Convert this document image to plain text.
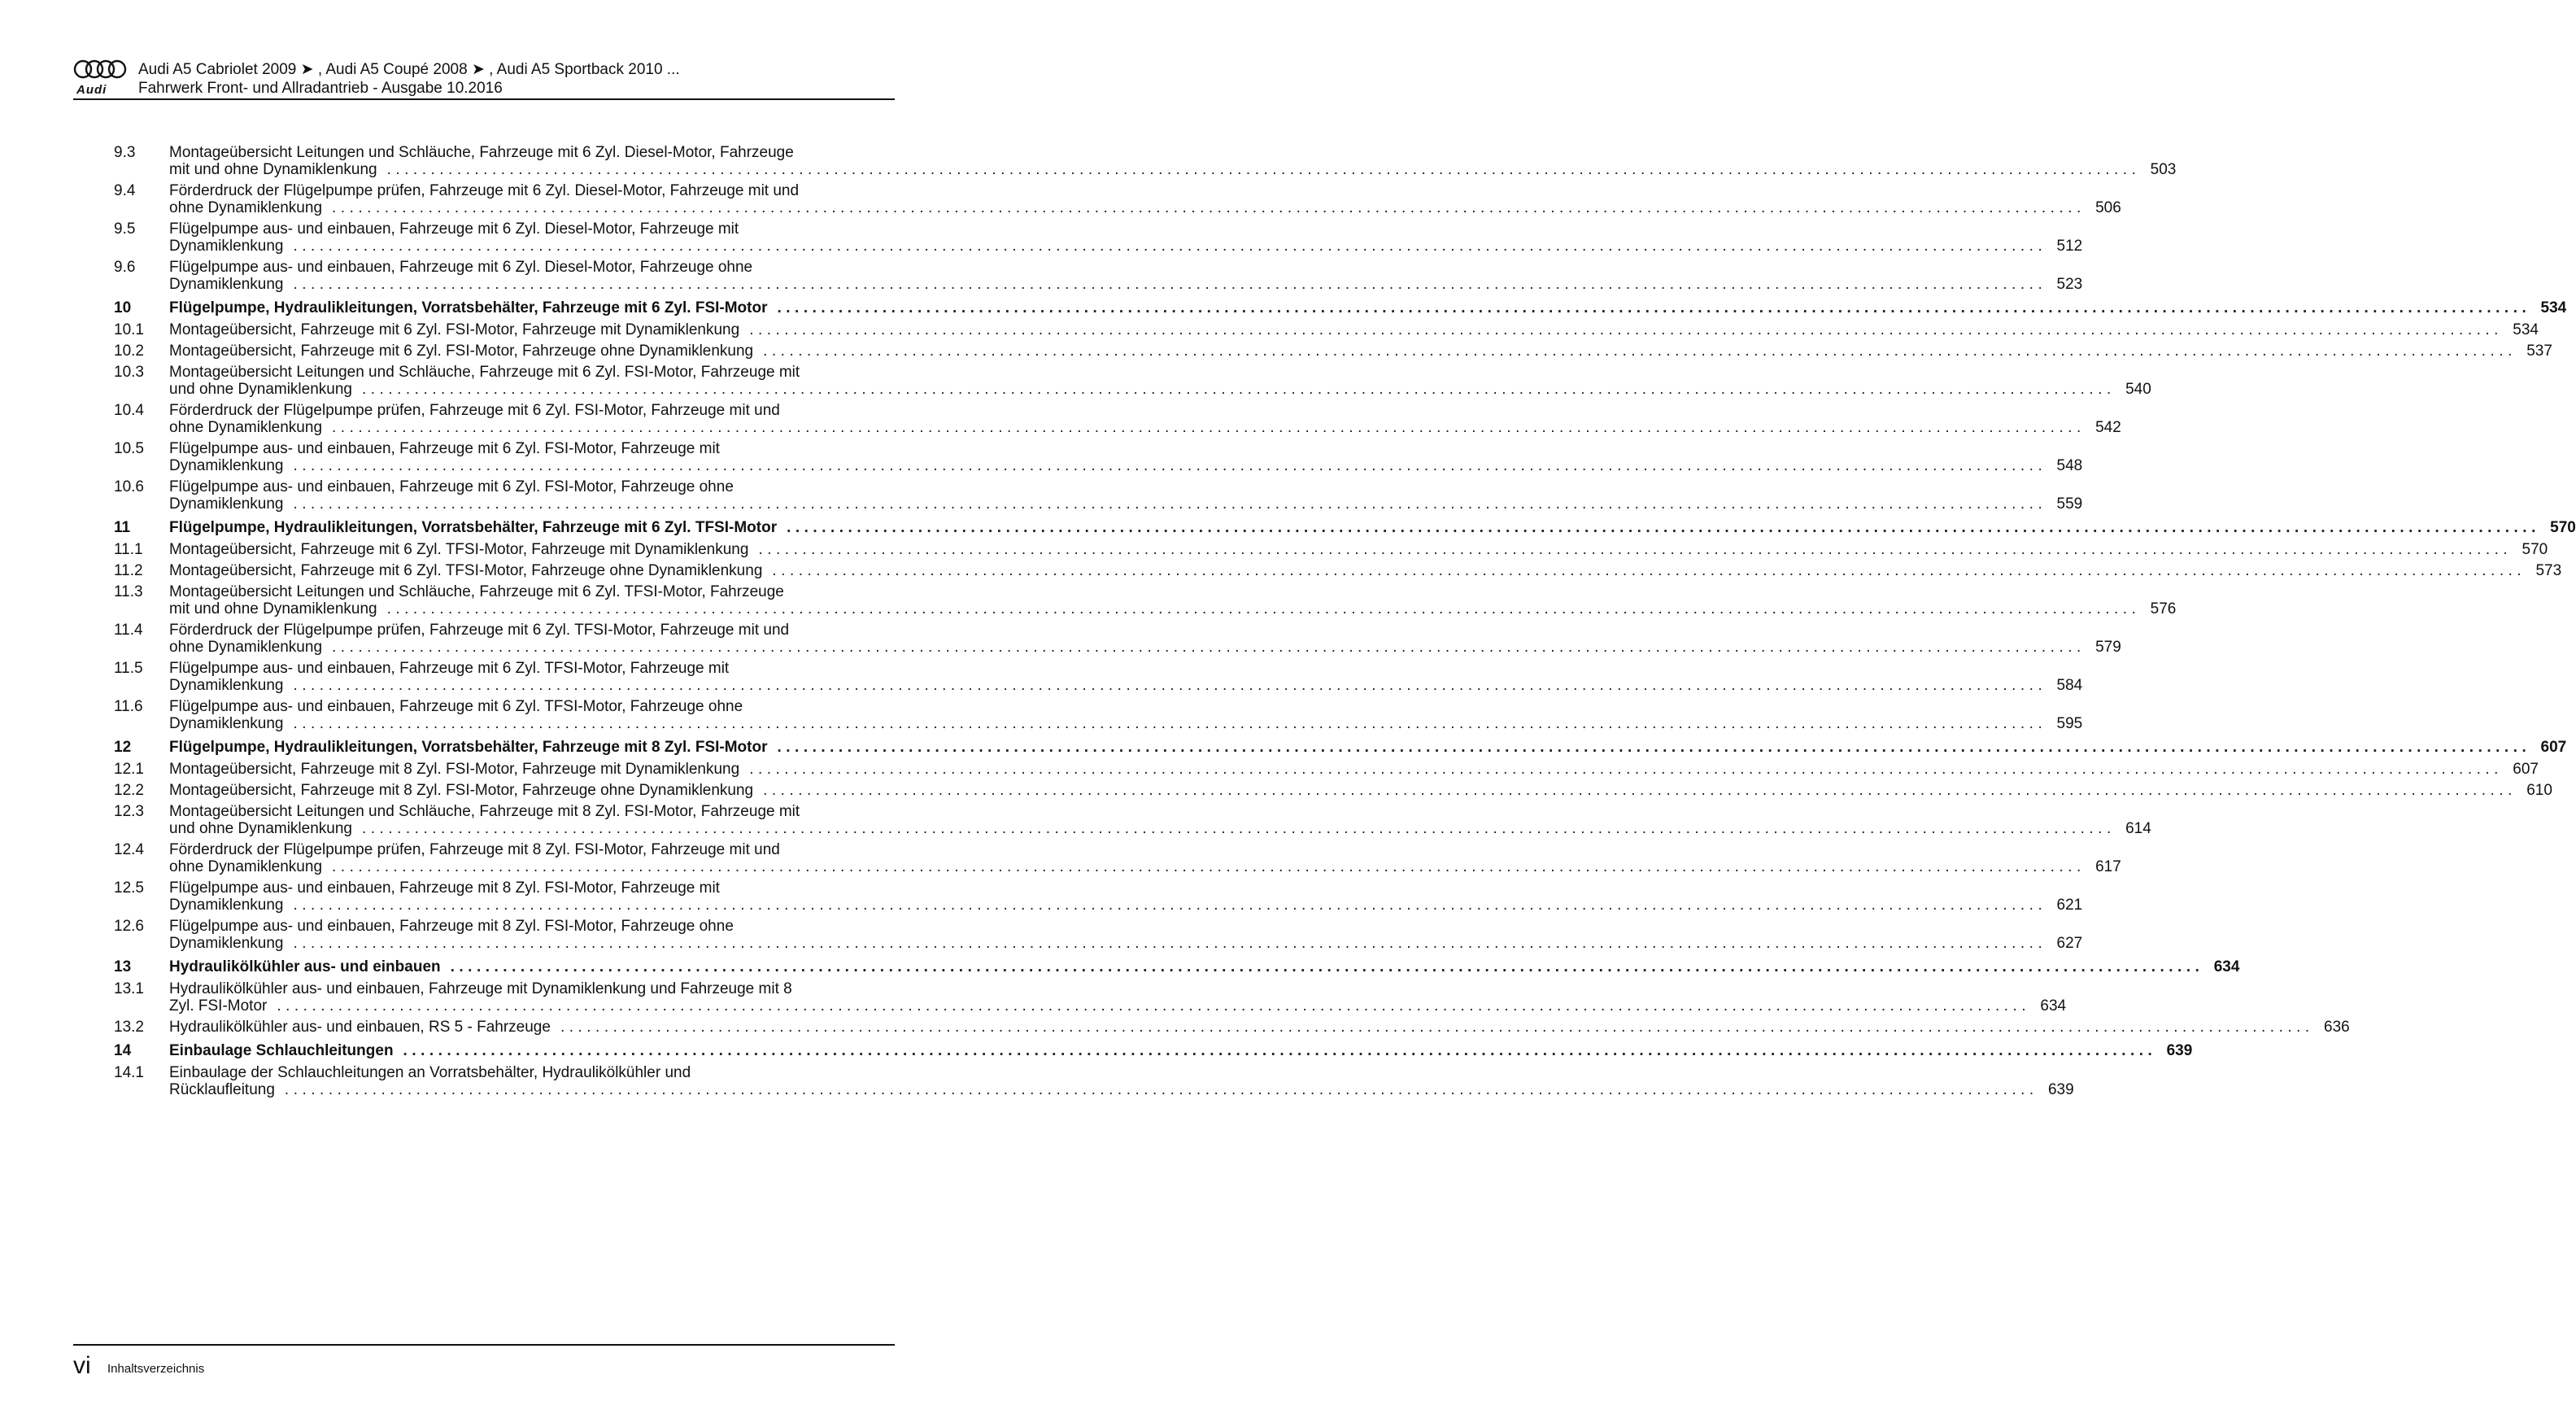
Audi
Audi A5 Cabriolet 2009 ➤ , Audi A5 Coupé 2008 ➤ , Audi A5 Sportback 2010 ...
Fahrwerk Front- und Allradantrieb - Ausgabe 10.2016
9.3 Montageübersicht Leitungen und Schläuche, Fahrzeuge mit 6 Zyl. Diesel-Motor, Fahrzeuge
mit und ohne Dynamiklenkung ........................................................................................................................................................................................................ 503
9.4 Förderdruck der Flügelpumpe prüfen, Fahrzeuge mit 6 Zyl. Diesel-Motor, Fahrzeuge mit und
ohne Dynamiklenkung ........................................................................................................................................................................................................ 506
9.5 Flügelpumpe aus- und einbauen, Fahrzeuge mit 6 Zyl. Diesel-Motor, Fahrzeuge mit
Dynamiklenkung ........................................................................................................................................................................................................ 512
9.6 Flügelpumpe aus- und einbauen, Fahrzeuge mit 6 Zyl. Diesel-Motor, Fahrzeuge ohne
Dynamiklenkung ........................................................................................................................................................................................................ 523
10 Flügelpumpe, Hydraulikleitungen, Vorratsbehälter, Fahrzeuge mit 6 Zyl. FSI-Motor ........................................................................................................................................................................................................ 534
10.1 Montageübersicht, Fahrzeuge mit 6 Zyl. FSI-Motor, Fahrzeuge mit Dynamiklenkung ........................................................................................................................................................................................................ 534
10.2 Montageübersicht, Fahrzeuge mit 6 Zyl. FSI-Motor, Fahrzeuge ohne Dynamiklenkung ........................................................................................................................................................................................................ 537
10.3 Montageübersicht Leitungen und Schläuche, Fahrzeuge mit 6 Zyl. FSI-Motor, Fahrzeuge mit
und ohne Dynamiklenkung ........................................................................................................................................................................................................ 540
10.4 Förderdruck der Flügelpumpe prüfen, Fahrzeuge mit 6 Zyl. FSI-Motor, Fahrzeuge mit und
ohne Dynamiklenkung ........................................................................................................................................................................................................ 542
10.5 Flügelpumpe aus- und einbauen, Fahrzeuge mit 6 Zyl. FSI-Motor, Fahrzeuge mit
Dynamiklenkung ........................................................................................................................................................................................................ 548
10.6 Flügelpumpe aus- und einbauen, Fahrzeuge mit 6 Zyl. FSI-Motor, Fahrzeuge ohne
Dynamiklenkung ........................................................................................................................................................................................................ 559
11	Flügelpumpe, Hydraulikleitungen, Vorratsbehälter, Fahrzeuge mit 6 Zyl. TFSI-Motor ........................................................................................................................................................................................................ 570
11.1 Montageübersicht, Fahrzeuge mit 6 Zyl. TFSI-Motor, Fahrzeuge mit Dynamiklenkung ........................................................................................................................................................................................................ 570
11.2 Montageübersicht, Fahrzeuge mit 6 Zyl. TFSI-Motor, Fahrzeuge ohne Dynamiklenkung ........................................................................................................................................................................................................ 573
11.3 Montageübersicht Leitungen und Schläuche, Fahrzeuge mit 6 Zyl. TFSI-Motor, Fahrzeuge
mit und ohne Dynamiklenkung ........................................................................................................................................................................................................ 576
11.4 Förderdruck der Flügelpumpe prüfen, Fahrzeuge mit 6 Zyl. TFSI-Motor, Fahrzeuge mit und
ohne Dynamiklenkung ........................................................................................................................................................................................................ 579
11.5 Flügelpumpe aus- und einbauen, Fahrzeuge mit 6 Zyl. TFSI-Motor, Fahrzeuge mit
Dynamiklenkung ........................................................................................................................................................................................................ 584
11.6 Flügelpumpe aus- und einbauen, Fahrzeuge mit 6 Zyl. TFSI-Motor, Fahrzeuge ohne
Dynamiklenkung ........................................................................................................................................................................................................ 595
12 Flügelpumpe, Hydraulikleitungen, Vorratsbehälter, Fahrzeuge mit 8 Zyl. FSI-Motor ........................................................................................................................................................................................................ 607
12.1 Montageübersicht, Fahrzeuge mit 8 Zyl. FSI-Motor, Fahrzeuge mit Dynamiklenkung ........................................................................................................................................................................................................ 607
12.2 Montageübersicht, Fahrzeuge mit 8 Zyl. FSI-Motor, Fahrzeuge ohne Dynamiklenkung ........................................................................................................................................................................................................ 610
12.3 Montageübersicht Leitungen und Schläuche, Fahrzeuge mit 8 Zyl. FSI-Motor, Fahrzeuge mit
und ohne Dynamiklenkung ........................................................................................................................................................................................................ 614
12.4 Förderdruck der Flügelpumpe prüfen, Fahrzeuge mit 8 Zyl. FSI-Motor, Fahrzeuge mit und
ohne Dynamiklenkung ........................................................................................................................................................................................................ 617
12.5 Flügelpumpe aus- und einbauen, Fahrzeuge mit 8 Zyl. FSI-Motor, Fahrzeuge mit
Dynamiklenkung ........................................................................................................................................................................................................ 621
12.6 Flügelpumpe aus- und einbauen, Fahrzeuge mit 8 Zyl. FSI-Motor, Fahrzeuge ohne
Dynamiklenkung ........................................................................................................................................................................................................ 627
13 Hydraulikölkühler aus- und einbauen ........................................................................................................................................................................................................ 634
13.1 Hydraulikölkühler aus- und einbauen, Fahrzeuge mit Dynamiklenkung und Fahrzeuge mit 8
Zyl. FSI-Motor ........................................................................................................................................................................................................ 634
13.2 Hydraulikölkühler aus- und einbauen, RS 5 - Fahrzeuge ........................................................................................................................................................................................................ 636
14 Einbaulage Schlauchleitungen ........................................................................................................................................................................................................ 639
14.1 Einbaulage der Schlauchleitungen an Vorratsbehälter, Hydraulikölkühler und
Rücklaufleitung ........................................................................................................................................................................................................ 639
vi Inhaltsverzeichnis
